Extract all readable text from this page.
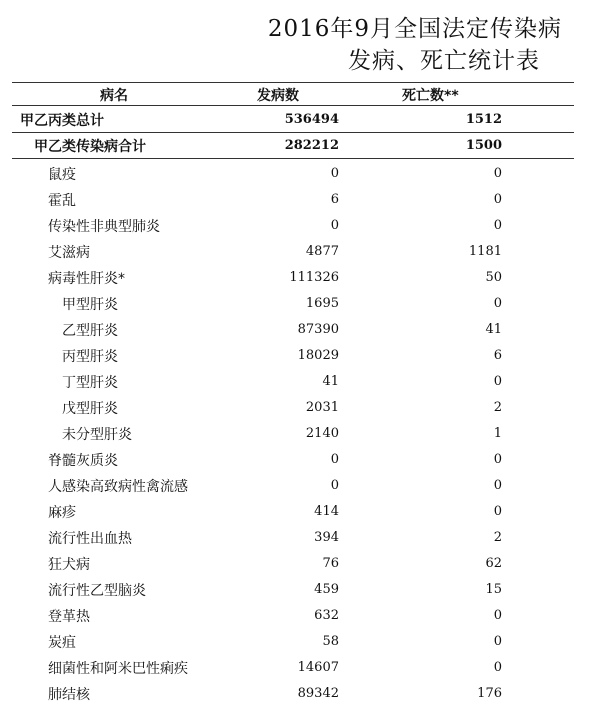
2016年9月全国法定传染病
发病、死亡统计表
病名	发病数	死亡数**
甲乙丙类总计	536494	1512
甲乙类传染病合计	282212	1500
鼠疫	0	0
霍乱	6	0
传染性非典型肺炎	0	0
艾滋病	4877	1181
病毒性肝炎*	111326	50
甲型肝炎	1695	0
乙型肝炎	87390	41
丙型肝炎	18029	6
丁型肝炎	41	0
戊型肝炎	2031	2
未分型肝炎	2140	1
脊髓灰质炎	0	0
人感染高致病性禽流感	0	0
麻疹	414	0
流行性出血热	394	2
狂犬病	76	62
流行性乙型脑炎	459	15
登革热	632	0
炭疽	58	0
细菌性和阿米巴性痢疾	14607	0
肺结核	89342	176
